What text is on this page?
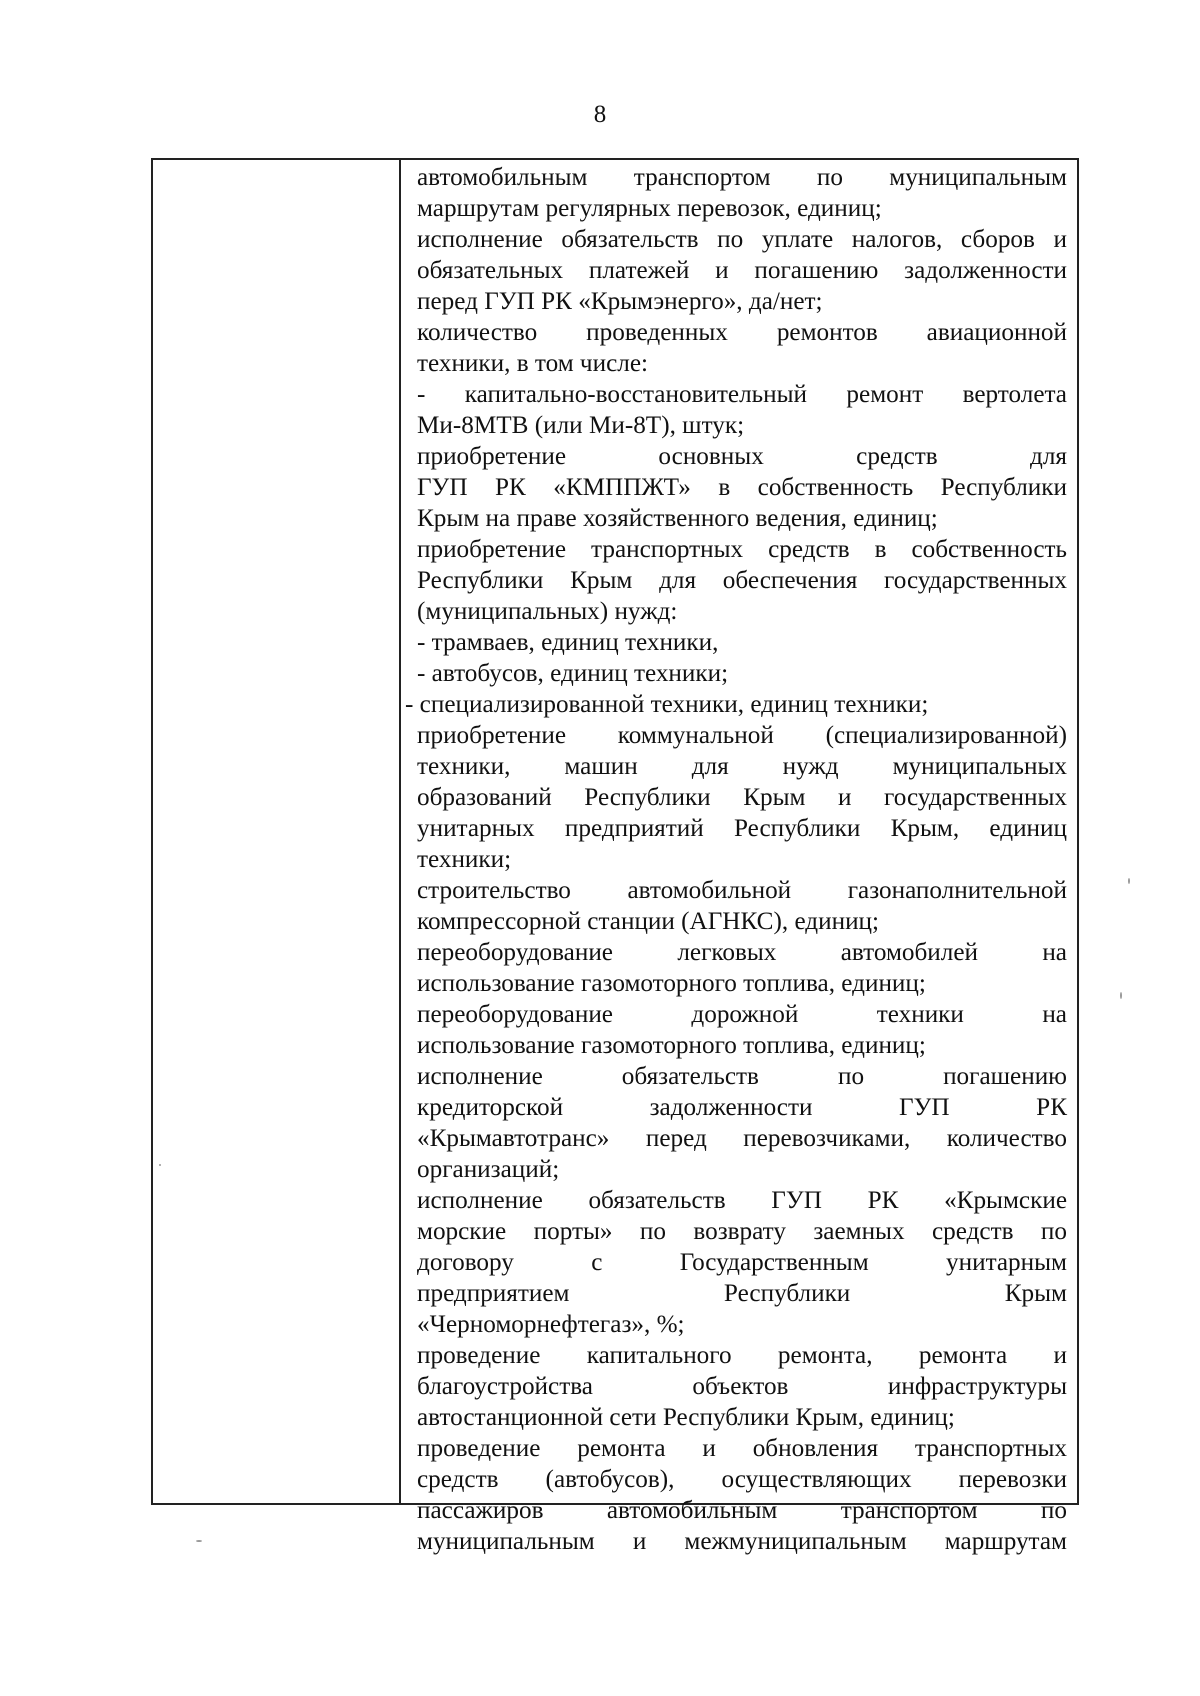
8
автомобильным транспортом по муниципальным
маршрутам регулярных перевозок, единиц;
исполнение обязательств по уплате налогов, сборов и
обязательных платежей и погашению задолженности
перед ГУП РК «Крымэнерго», да/нет;
количество проведенных ремонтов авиационной
техники, в том числе:
- капитально-восстановительный ремонт вертолета
Ми-8МТВ (или Ми-8Т), штук;
приобретение основных средств для
ГУП РК «КМППЖТ» в собственность Республики
Крым на праве хозяйственного ведения, единиц;
приобретение транспортных средств в собственность
Республики Крым для обеспечения государственных
(муниципальных) нужд:
- трамваев, единиц техники,
- автобусов, единиц техники;
- специализированной техники, единиц техники;
приобретение коммунальной (специализированной)
техники, машин для нужд муниципальных
образований Республики Крым и государственных
унитарных предприятий Республики Крым, единиц
техники;
строительство автомобильной газонаполнительной
компрессорной станции (АГНКС), единиц;
переоборудование легковых автомобилей на
использование газомоторного топлива, единиц;
переоборудование дорожной техники на
использование газомоторного топлива, единиц;
исполнение обязательств по погашению
кредиторской задолженности ГУП РК
«Крымавтотранс» перед перевозчиками, количество
организаций;
исполнение обязательств ГУП РК «Крымские
морские порты» по возврату заемных средств по
договору с Государственным унитарным
предприятием Республики Крым
«Черноморнефтегаз», %;
проведение капитального ремонта, ремонта и
благоустройства объектов инфраструктуры
автостанционной сети Республики Крым, единиц;
проведение ремонта и обновления транспортных
средств (автобусов), осуществляющих перевозки
пассажиров автомобильным транспортом по
муниципальным и межмуниципальным маршрутам
